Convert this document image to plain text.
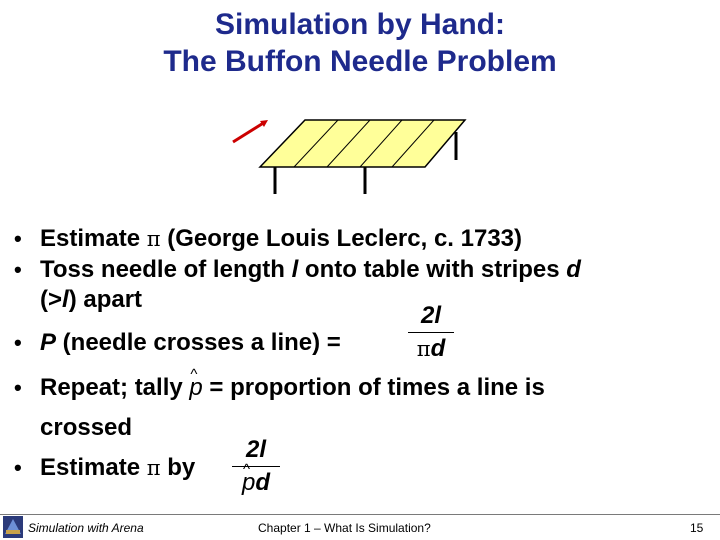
Simulation by Hand:
The Buffon Needle Problem
• Estimate π (George Louis Leclerc, c. 1733)
• Toss needle of length l onto table with stripes d
(>l) apart
• P (needle crosses a line) =
• Repeat; tally ^ p = proportion of times a line is
crossed
• Estimate π by
2l
πd
2l
^ pd
Simulation with Arena	Chapter 1 – What Is Simulation?	15
